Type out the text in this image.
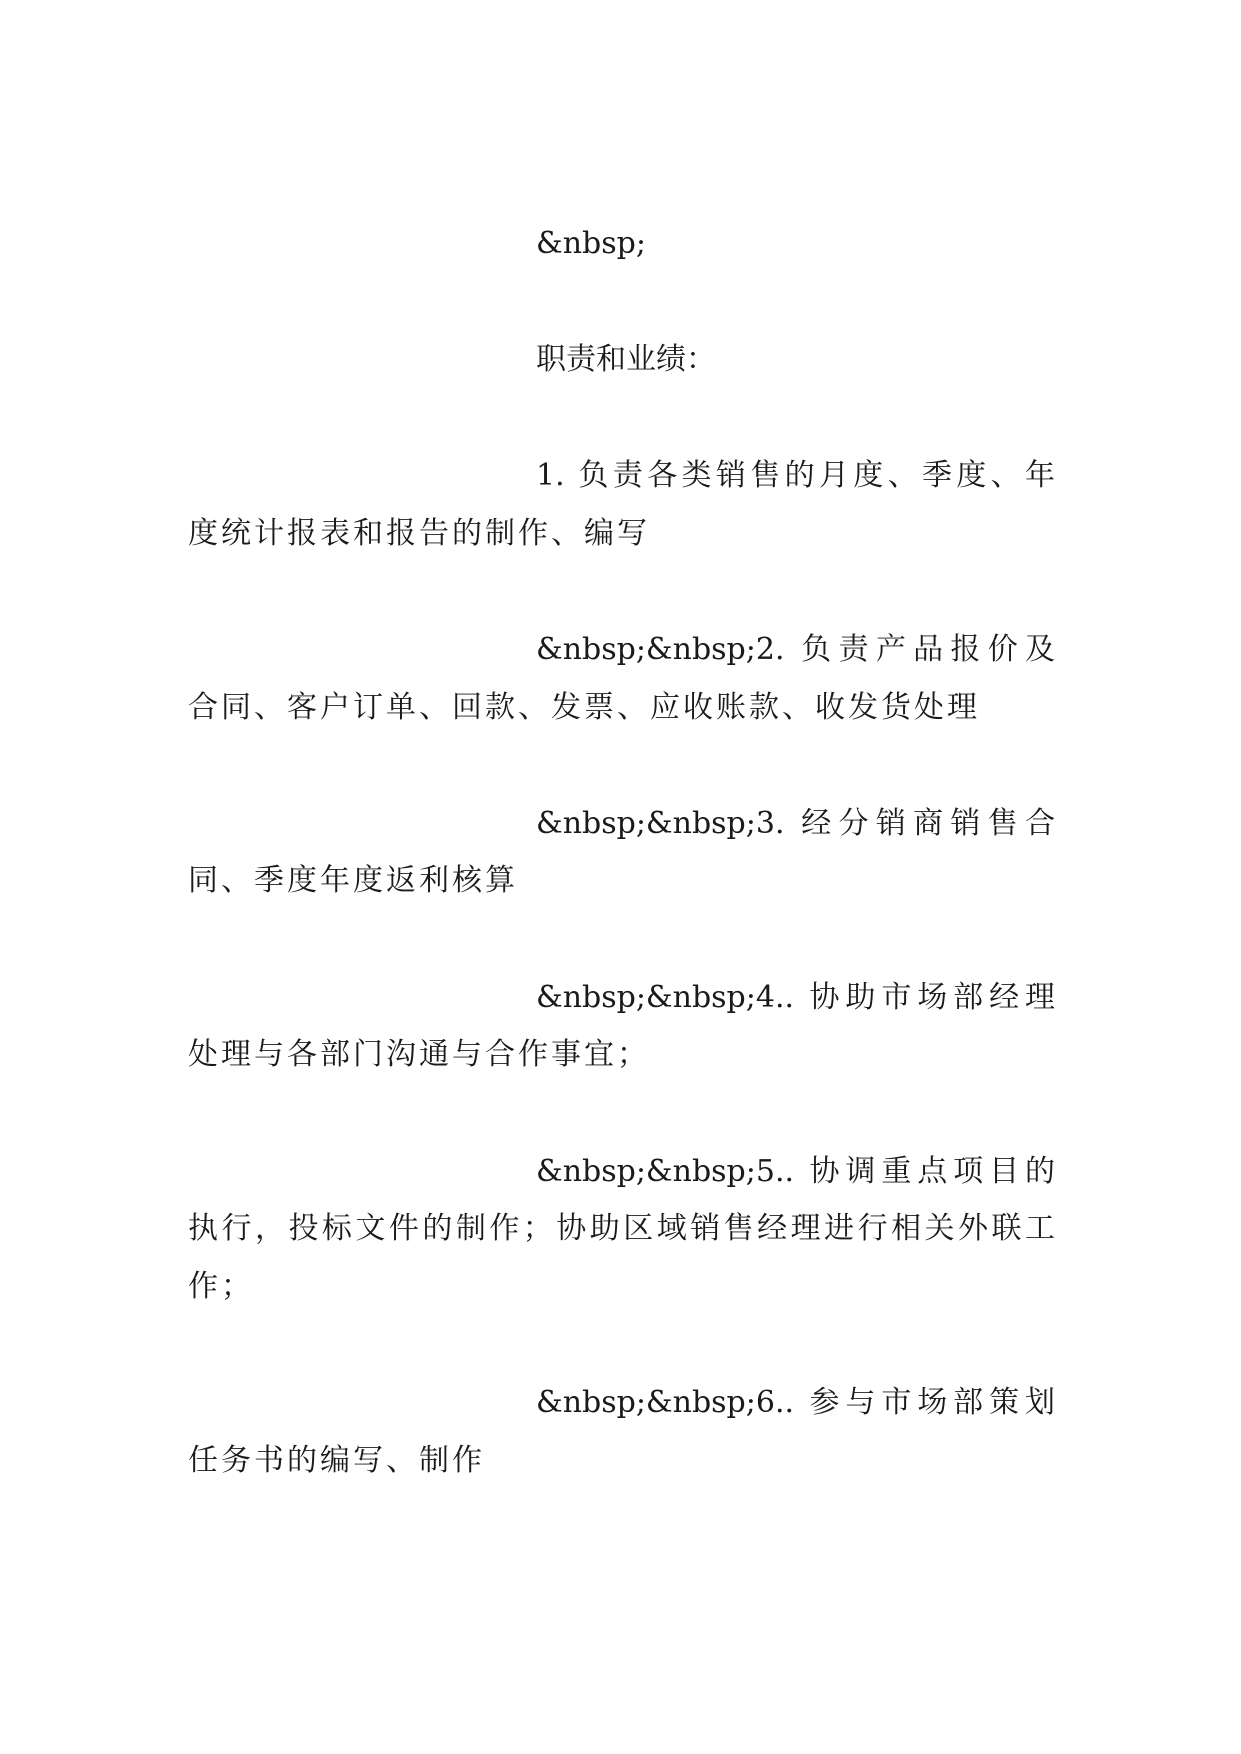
&nbsp;

职责和业绩：

1. 负责各类销售的月度、季度、年

度统计报表和报告的制作、编写

&nbsp;&nbsp;2. 负责产品报价及

合同、客户订单、回款、发票、应收账款、收发货处理

&nbsp;&nbsp;3. 经分销商销售合

同、季度年度返利核算

&nbsp;&nbsp;4.. 协助市场部经理

处理与各部门沟通与合作事宜；

&nbsp;&nbsp;5.. 协调重点项目的

执行，投标文件的制作；协助区域销售经理进行相关外联工

作；

&nbsp;&nbsp;6.. 参与市场部策划

任务书的编写、制作
